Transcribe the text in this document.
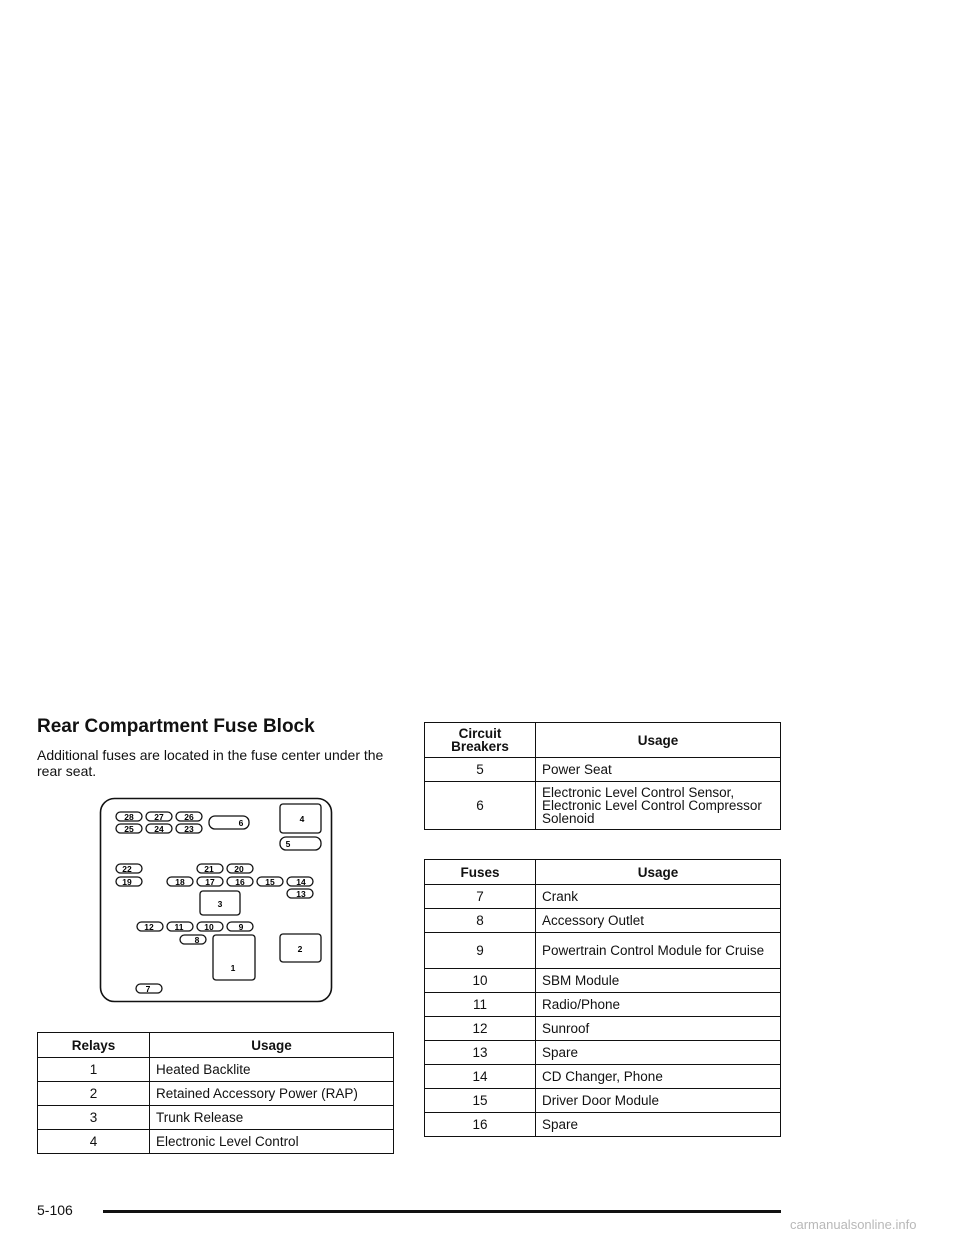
Rear Compartment Fuse Block

Additional fuses are located in the fuse center under the rear seat.

28 27 26
25 24 23
6	4
5
22	21 20
19	18 17 16 15	14
13
3
12 11 10	9
8
1
2
7
Relays	Usage
1	Heated Backlite
2	Retained Accessory Power (RAP)
3	Trunk Release
4	Electronic Level Control
Circuit Breakers	Usage
5	Power Seat
6	Electronic Level Control Sensor, Electronic Level Control Compressor Solenoid
Fuses	Usage
7	Crank
8	Accessory Outlet
9	Powertrain Control Module for Cruise
10	SBM Module
11	Radio/Phone
12	Sunroof
13	Spare
14	CD Changer, Phone
15	Driver Door Module
16	Spare
5-106
carmanualsonline.info
